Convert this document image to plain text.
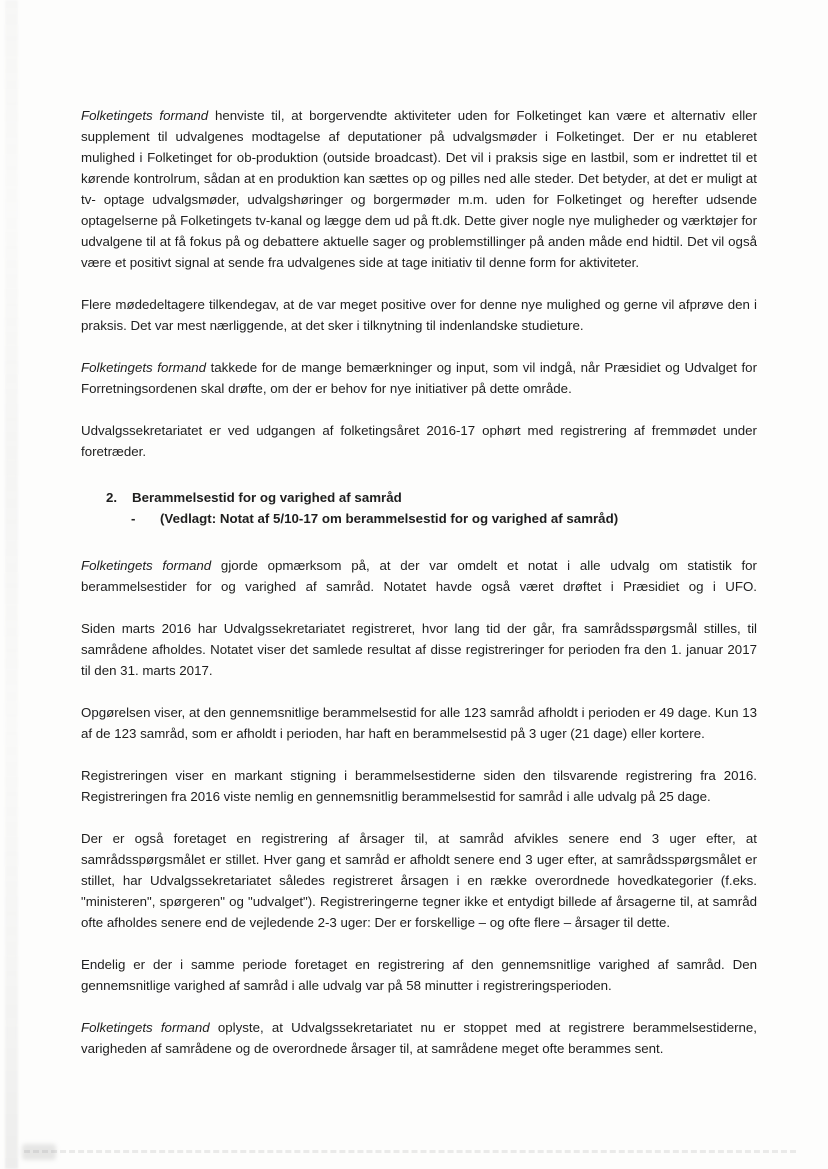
Folketingets formand henviste til, at borgervendte aktiviteter uden for Folketinget kan være et alternativ eller supplement til udvalgenes modtagelse af deputationer på udvalgsmøder i Folketinget. Der er nu etableret mulighed i Folketinget for ob-produktion (outside broadcast). Det vil i praksis sige en lastbil, som er indrettet til et kørende kontrolrum, sådan at en produktion kan sættes op og pilles ned alle steder. Det betyder, at det er muligt at tv- optage udvalgsmøder, udvalgshøringer og borgermøder m.m. uden for Folketinget og herefter udsende optagelserne på Folketingets tv-kanal og lægge dem ud på ft.dk. Dette giver nogle nye muligheder og værktøjer for udvalgene til at få fokus på og debattere aktuelle sager og problemstillinger på anden måde end hidtil. Det vil også være et positivt signal at sende fra udvalgenes side at tage initiativ til denne form for aktiviteter.

Flere mødedeltagere tilkendegav, at de var meget positive over for denne nye mulighed og gerne vil afprøve den i praksis. Det var mest nærliggende, at det sker i tilknytning til indenlandske studieture.

Folketingets formand takkede for de mange bemærkninger og input, som vil indgå, når Præsidiet og Udvalget for Forretningsordenen skal drøfte, om der er behov for nye initiativer på dette område.

Udvalgssekretariatet er ved udgangen af folketingsåret 2016-17 ophørt med registrering af fremmødet under foretræder.

2.	Berammelsestid for og varighed af samråd
-	(Vedlagt: Notat af 5/10-17 om berammelsestid for og varighed af samråd)

Folketingets formand gjorde opmærksom på, at der var omdelt et notat i alle udvalg om statistik for berammelsestider for og varighed af samråd. Notatet havde også været drøftet i Præsidiet og i UFO.

Siden marts 2016 har Udvalgssekretariatet registreret, hvor lang tid der går, fra samrådsspørgsmål stilles, til samrådene afholdes. Notatet viser det samlede resultat af disse registreringer for perioden fra den 1. januar 2017 til den 31. marts 2017.

Opgørelsen viser, at den gennemsnitlige berammelsestid for alle 123 samråd afholdt i perioden er 49 dage. Kun 13 af de 123 samråd, som er afholdt i perioden, har haft en berammelsestid på 3 uger (21 dage) eller kortere.

Registreringen viser en markant stigning i berammelsestiderne siden den tilsvarende registrering fra 2016. Registreringen fra 2016 viste nemlig en gennemsnitlig berammelsestid for samråd i alle udvalg på 25 dage.

Der er også foretaget en registrering af årsager til, at samråd afvikles senere end 3 uger efter, at samrådsspørgsmålet er stillet. Hver gang et samråd er afholdt senere end 3 uger efter, at samrådsspørgsmålet er stillet, har Udvalgssekretariatet således registreret årsagen i en række overordnede hovedkategorier (f.eks. "ministeren", spørgeren" og "udvalget"). Registreringerne tegner ikke et entydigt billede af årsagerne til, at samråd ofte afholdes senere end de vejledende 2-3 uger: Der er forskellige – og ofte flere – årsager til dette.

Endelig er der i samme periode foretaget en registrering af den gennemsnitlige varighed af samråd. Den gennemsnitlige varighed af samråd i alle udvalg var på 58 minutter i registreringsperioden.

Folketingets formand oplyste, at Udvalgssekretariatet nu er stoppet med at registrere berammelsestiderne, varigheden af samrådene og de overordnede årsager til, at samrådene meget ofte berammes sent.
